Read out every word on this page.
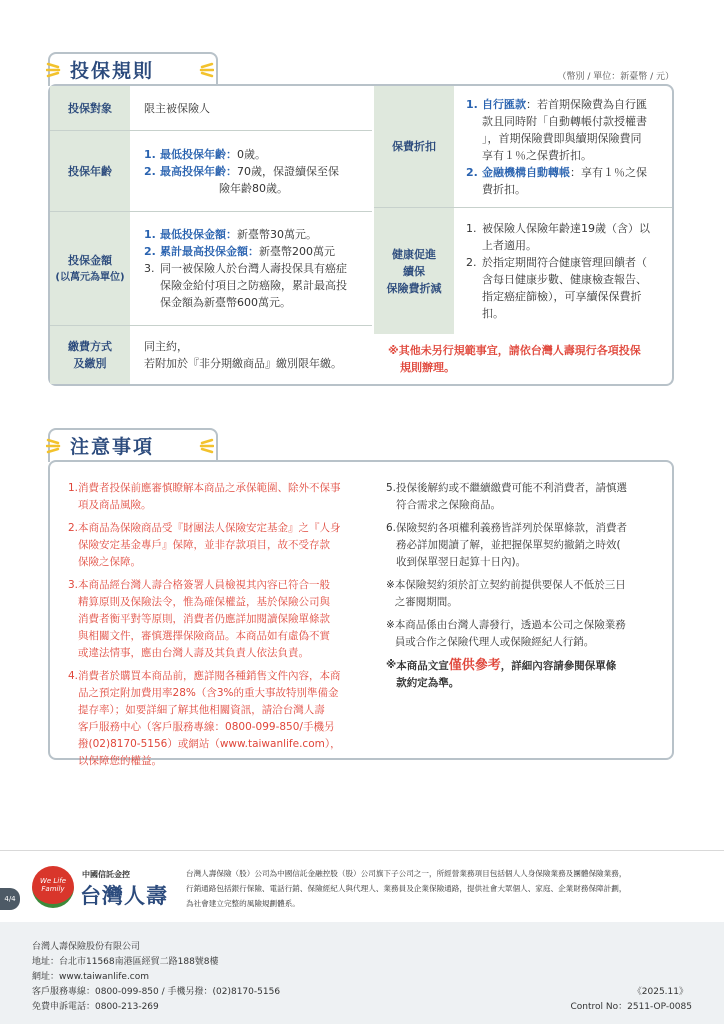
投保規則	（幣別 / 單位：新臺幣 / 元）
投保對象	限主被保險人
投保年齡
1. 最低投保年齡：0歲。
2. 最高投保年齡：70歲，保證續保至保
險年齡80歲。
投保金額
(以萬元為單位)
1. 最低投保金額：新臺幣30萬元。
2. 累計最高投保金額：新臺幣200萬元
3. 同一被保險人於台灣人壽投保具有癌症
保險金給付項目之防癌險，累計最高投
保金額為新臺幣600萬元。
繳費方式
及繳別
同主約，
若附加於『非分期繳商品』繳別限年繳。
保費折扣
1. 自行匯款：若首期保險費為自行匯
款且同時附「自動轉帳付款授權書
」，首期保險費即與續期保險費同
享有１％之保費折扣。
2. 金融機構自動轉帳：享有１％之保
費折扣。
健康促進
續保
保險費折減
1. 被保險人保險年齡達19歲（含）以
上者適用。
2. 於指定期間符合健康管理回饋者（
含每日健康步數、健康檢查報告、
指定癌症篩檢），可享續保保費折
扣。
※其他未另行規範事宜，請依台灣人壽現行各項投保
規則辦理。
注意事項

1. 消費者投保前應審慎瞭解本商品之承保範圍、除外不保事
項及商品風險。

2. 本商品為保險商品受『財團法人保險安定基金』之『人身
保險安定基金專戶』保障，並非存款項目，故不受存款
保險之保障。

3. 本商品經台灣人壽合格簽署人員檢視其內容已符合一般
精算原則及保險法令，惟為確保權益，基於保險公司與
消費者衡平對等原則，消費者仍應詳加閱讀保險單條款
與相關文件，審慎選擇保險商品。本商品如有虛偽不實
或違法情事，應由台灣人壽及其負責人依法負責。

4. 消費者於購買本商品前，應詳閱各種銷售文件內容，本商
品之預定附加費用率28%（含3%的重大事故特別準備金
提存率）；如要詳細了解其他相關資訊，請洽台灣人壽
客戶服務中心（客戶服務專線：0800-099-850/手機另
撥(02)8170-5156）或網站（www.taiwanlife.com），
以保障您的權益。

5. 投保後解約或不繼續繳費可能不利消費者，請慎選
符合需求之保險商品。

6. 保險契約各項權利義務皆詳列於保單條款，消費者
務必詳加閱讀了解，並把握保單契約撤銷之時效(
收到保單翌日起算十日內)。

※ 本保險契約須於訂立契約前提供要保人不低於三日
之審閱期間。

※ 本商品係由台灣人壽發行，透過本公司之保險業務
員或合作之保險代理人或保險經紀人行銷。

※ 本商品文宣僅供參考，詳細內容請參閱保單條
款約定為準。

4/4
We Life Family
中國信託金控
台灣人壽
台灣人壽保險（股）公司為中國信託金融控股（股）公司旗下子公司之一，所經營業務項目包括個人人身保險業務及團體保險業務，
行銷通路包括銀行保險、電話行銷、保險經紀人與代理人、業務員及企業保險通路，提供社會大眾個人、家庭、企業財務保障計劃，
為社會建立完整的風險規劃體系。
台灣人壽保險股份有限公司
地址：台北市11568南港區經貿二路188號8樓
網址：www.taiwanlife.com
客戶服務專線：0800-099-850 / 手機另撥：(02)8170-5156
免費申訴電話：0800-213-269
《2025.11》
Control No：2511-OP-0085
